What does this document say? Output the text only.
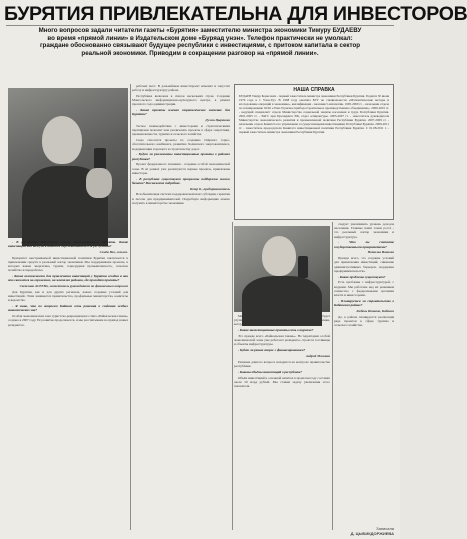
БУРЯТИЯ ПРИВЛЕКАТЕЛЬНА ДЛЯ ИНВЕСТОРОВ
Много вопросов задали читатели газеты «Бурятия» заместителю министра экономики Тимуру БУДАЕВУ во время «прямой линии» в Издательском доме «Буряад унэн». Телефон практически не умолкал: граждане обоснованно связывают будущее республики с инвестициями, с притоком капитала в сектор реальной экономики. Приводим в сокращении разговор на «прямой линии».

- В республике действуют многие инвестиционные проекты. Какие инвестиции вам кажутся наиболее перспективными для республики?

Семён Вах, сельхоз.

Приоритет выстраиваемой инвестиционной политики Бурятии заключается в привлечении средств в реальный сектор экономики. Мы поддерживаем проекты, в которых важна энергетика, туризм, горнорудная промышленность, сельское хозяйство и переработка.

- Какие возможности для привлечения инвестиций у Бурятии сегодня и как это скажется на горожанах, на жителях районов, где проходят проекты?

Светлана АСЕЕВА, заместитель руководителя по финансовым вопросам

Для Бурятии, как и для других регионов, важно создание условий для инвестиций. Этим занимается правительство, профильные министерства, комитеты и ведомства.

- Я знаю, что по вопросам Байкала есть решения о создании особых экономических зон?

Особая экономическая зона туристско-рекреационного типа «Байкальская гавань» создана в 2007 году. Её развитие продолжается, и мы рассчитываем на приход новых резидентов.

рабочих мест. В дальнейшем инвестпроект изменит и запустит работу и инфраструктуру района.

Республика включена в список нескольких стран. Создание Монгольского информационно-культурного центра, в рамках прошлого года администрации.

- Какие проекты имеют стратегическое значение для Бурятии?

Дулма Цыренова

Тесное взаимодействие с инвесторами и стратегическими партнёрами позволит нам реализовать проекты в сфере энергетики, промышленности, туризма и сельского хозяйства.

Сюда относятся проекты по созданию Озёрного горно-обогатительного комбината, развитию Холинского энергокомплекса, модернизации аэропорта и строительству дорог.

- Будут ли реализованы инвестиционные проекты в районах республики?

Проект федерального значения - создание особой экономической зоны. В её рамках уже реализуются первые проекты, привлечены инвесторы.

- В республике существуют программы поддержки малого бизнеса? Расскажите подробнее.

Петр Б., предприниматель

Всеобъемлющая система поддержки включает субсидии, гарантии и льготы для предпринимателей. Подробную информацию можно получить в министерстве экономики.

НАША СПРАВКА
БУДАЕВ Тимур Борисович - первый заместитель министра экономики Республики Бурятия. Родился 30 июня 1976 года в г. Улан-Удэ. В 1998 году окончил БГУ по специальности «Математические методы и исследование операций в экономике», квалификация - экономист-математик. 1995-2000 гг. - начальник отдела по планированию ООО «Улан-Удэнское приборостроительное производственное объединение». 2000-2001 гг. - ведущий специалист отдела Министерства социальной защиты населения и труда Республики Бурятия. 2001-2005 гг. - РАГС при Президенте РФ, отдел аспирантуры. 2005-2007 гг. - заместитель руководителя Министерства экономического развития и промышленной политики Республики Бурятия. 2007-2009 гг. - начальник отдела Комитета по управлению государственными инвестициями Республики Бурятия. 2009-2011 гг. - заместитель председателя Комитета инвестиционной политики Республики Бурятия. С 01.08.2011 г. - первый заместитель министра экономики Республики Бурятия.

Мы надеемся на то, что инвестиционный климат в Бурятии будет улучшаться. Создан инвестиционный совет при Главе республики, который рассматривает важнейшие проекты.

- Какие инвестиционные проекты есть в туризме?

Это прежде всего «Байкальская гавань». На территории особой экономической зоны уже работают резиденты, строятся гостиницы и объекты инфраструктуры.

- Будет ли решен вопрос с финансированием?

Андрей Москвин

Решение данного вопроса находится на контроле правительства республики.

- Каковы объёмы инвестиций в республике?

Объём инвестиций в основной капитал в прошлом году составил около 50 млрд рублей. Мы ставим задачу увеличения этого показателя.

следует увеличивать уровень доходов населения. Главные наши точки роста - это реальный сектор экономики и инфраструктура.

- Что вы считаете государственными приоритетами?

Наталья Иванова

Прежде всего, это создание условий для привлечения инвестиций, снижение административных барьеров, поддержка предпринимательства.

- Какие проблемы существуют?

Есть проблемы с инфраструктурой, с кадрами. Мы работаем над их решением совместно с федеральными органами власти и инвесторами.

- Планируется ли строительство в Кабанском районе?

Любовь Иванова, Кабанск

Да, в районе планируется реализация ряда проектов в сфере туризма и сельского хозяйства.

Записала
Д. ЦЫБИКДОРЖИЕВА
